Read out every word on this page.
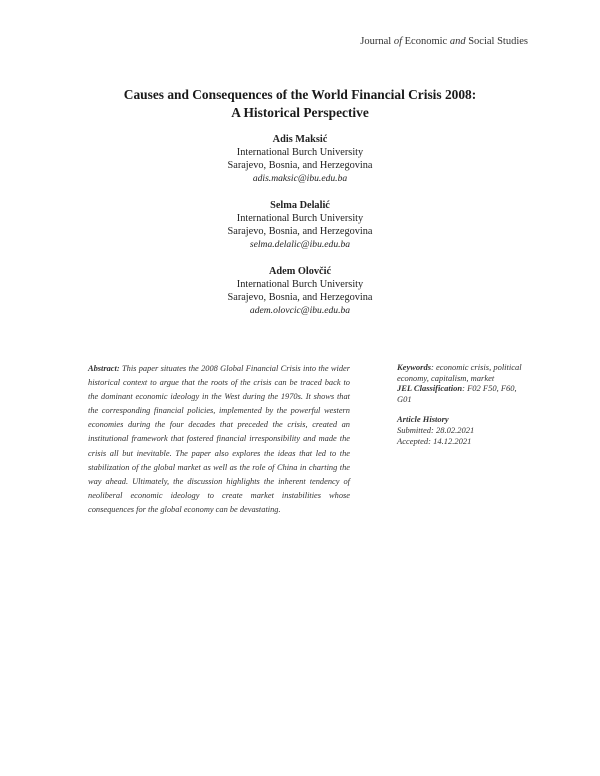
Journal of Economic and Social Studies
Causes and Consequences of the World Financial Crisis 2008:
A Historical Perspective
Adis Maksić
International Burch University
Sarajevo, Bosnia, and Herzegovina
adis.maksic@ibu.edu.ba
Selma Delalić
International Burch University
Sarajevo, Bosnia, and Herzegovina
selma.delalic@ibu.edu.ba
Adem Olovčić
International Burch University
Sarajevo, Bosnia, and Herzegovina
adem.olovcic@ibu.edu.ba
Abstract: This paper situates the 2008 Global Financial Crisis into the wider historical context to argue that the roots of the crisis can be traced back to the dominant economic ideology in the West during the 1970s. It shows that the corresponding financial policies, implemented by the powerful western economies during the four decades that preceded the crisis, created an institutional framework that fostered financial irresponsibility and made the crisis all but inevitable. The paper also explores the ideas that led to the stabilization of the global market as well as the role of China in charting the way ahead. Ultimately, the discussion highlights the inherent tendency of neoliberal economic ideology to create market instabilities whose consequences for the global economy can be devastating.
Keywords: economic crisis, political economy, capitalism, market
JEL Classification: F02 F50, F60, G01
Article History
Submitted: 28.02.2021
Accepted: 14.12.2021
